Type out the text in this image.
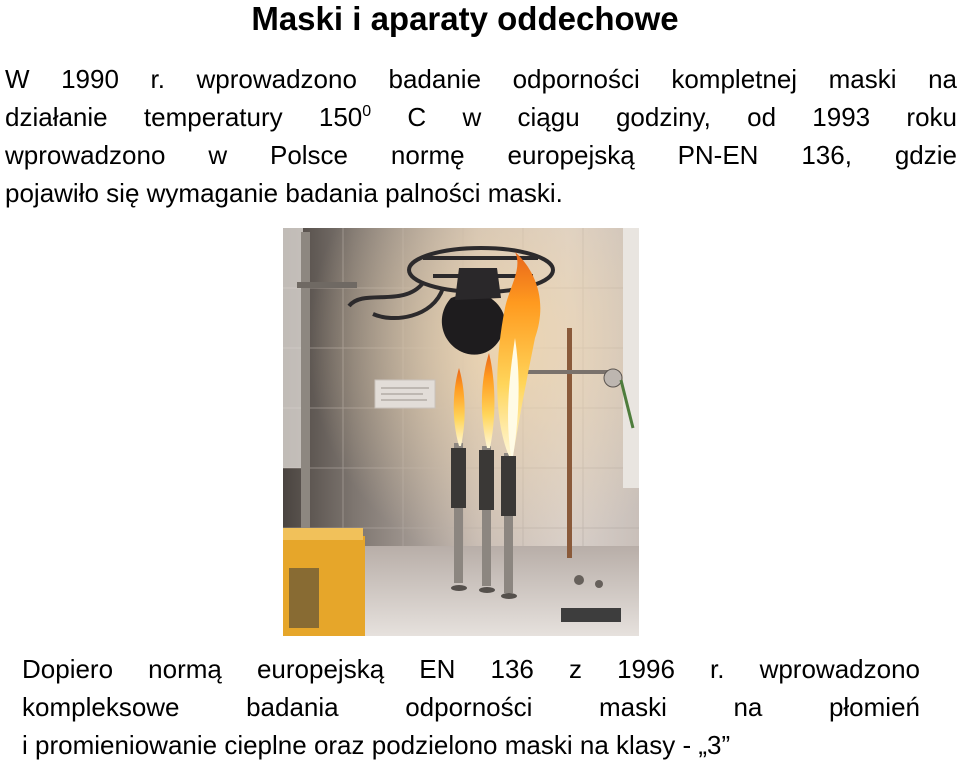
Maski i aparaty oddechowe
W 1990 r. wprowadzono badanie odporności kompletnej maski na
działanie temperatury $150^0$ C w ciągu godziny, od 1993 roku
wprowadzono w Polsce normę europejską PN-EN 136, gdzie
pojawiło się wymaganie badania palności maski.
Dopiero normą europejską EN 136 z 1996 r. wprowadzono
kompleksowe badania odporności maski na płomień
i promieniowanie cieplne oraz podzielono maski na klasy - „3”
